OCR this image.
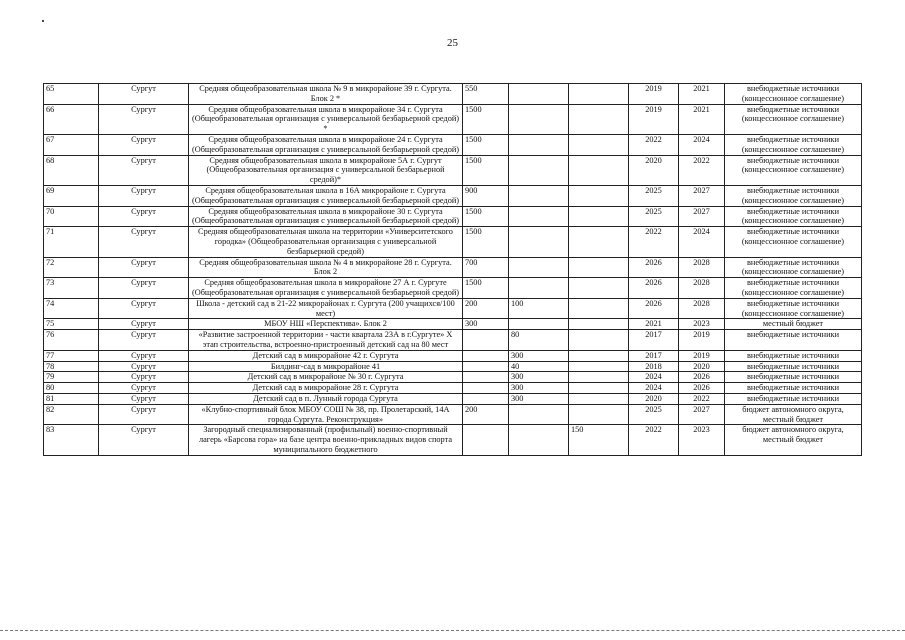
25
65	Сургут	Средняя общеобразовательная школа № 9 в микрорайоне 39 г. Сургута. Блок 2 *	550			2019	2021	внебюджетные источники (концессионное соглашение)
66	Сургут	Средняя общеобразовательная школа в микрорайоне 34 г. Сургута (Общеобразовательная организация с универсальной безбарьерной средой) *	1500			2019	2021	внебюджетные источники (концессионное соглашение)
67	Сургут	Средняя общеобразовательная школа в микрорайоне 24 г. Сургута (Общеобразовательная организация с универсальной безбарьерной средой)	1500			2022	2024	внебюджетные источники (концессионное соглашение)
68	Сургут	Средняя общеобразовательная школа в микрорайоне 5А г. Сургут (Общеобразовательная организация с универсальной безбарьерной средой)*	1500			2020	2022	внебюджетные источники (концессионное соглашение)
69	Сургут	Средняя общеобразовательная школа в 16А микрорайоне г. Сургута (Общеобразовательная организация с универсальной безбарьерной средой)	900			2025	2027	внебюджетные источники (концессионное соглашение)
70	Сургут	Средняя общеобразовательная школа в микрорайоне 30 г. Сургута (Общеобразовательная организация с универсальной безбарьерной средой)	1500			2025	2027	внебюджетные источники (концессионное соглашение)
71	Сургут	Средняя общеобразовательная школа на территории «Университетского городка» (Общеобразовательная организация с универсальной безбарьерной средой)	1500			2022	2024	внебюджетные источники (концессионное соглашение)
72	Сургут	Средняя общеобразовательная школа № 4 в микрорайоне 28 г. Сургута. Блок 2	700			2026	2028	внебюджетные источники (концессионное соглашение)
73	Сургут	Средняя общеобразовательная школа в микрорайоне 27 А г. Сургуте (Общеобразовательная организация с универсальной безбарьерной средой)	1500			2026	2028	внебюджетные источники (концессионное соглашение)
74	Сургут	Школа - детский сад в 21-22 микрорайонах г. Сургута (200 учащихся/100 мест)	200	100		2026	2028	внебюджетные источники (концессионное соглашение)
75	Сургут	МБОУ НШ «Перспектива». Блок 2	300			2021	2023	местный бюджет
76	Сургут	«Развитие застроенной территории - части квартала 23А в г.Сургуте» Х этап строительства, встроенно-пристроенный детский сад на 80 мест		80		2017	2019	внебюджетные источники
77	Сургут	Детский сад в микрорайоне 42 г. Сургута		300		2017	2019	внебюджетные источники
78	Сургут	Билдинг-сад в микрорайоне 41		40		2018	2020	внебюджетные источники
79	Сургут	Детский сад в микрорайоне № 30 г. Сургута		300		2024	2026	внебюджетные источники
80	Сургут	Детский сад в микрорайоне 28 г. Сургута		300		2024	2026	внебюджетные источники
81	Сургут	Детский сад в п. Лунный города Сургута		300		2020	2022	внебюджетные источники
82	Сургут	«Клубно-спортивный блок МБОУ СОШ № 38, пр. Пролетарский, 14А города Сургута. Реконструкция»	200			2025	2027	бюджет автономного округа, местный бюджет
83	Сургут	Загородный специализированный (профильный) военно-спортивный лагерь «Барсова гора» на базе центра военно-прикладных видов спорта муниципального бюджетного			150	2022	2023	бюджет автономного округа, местный бюджет
